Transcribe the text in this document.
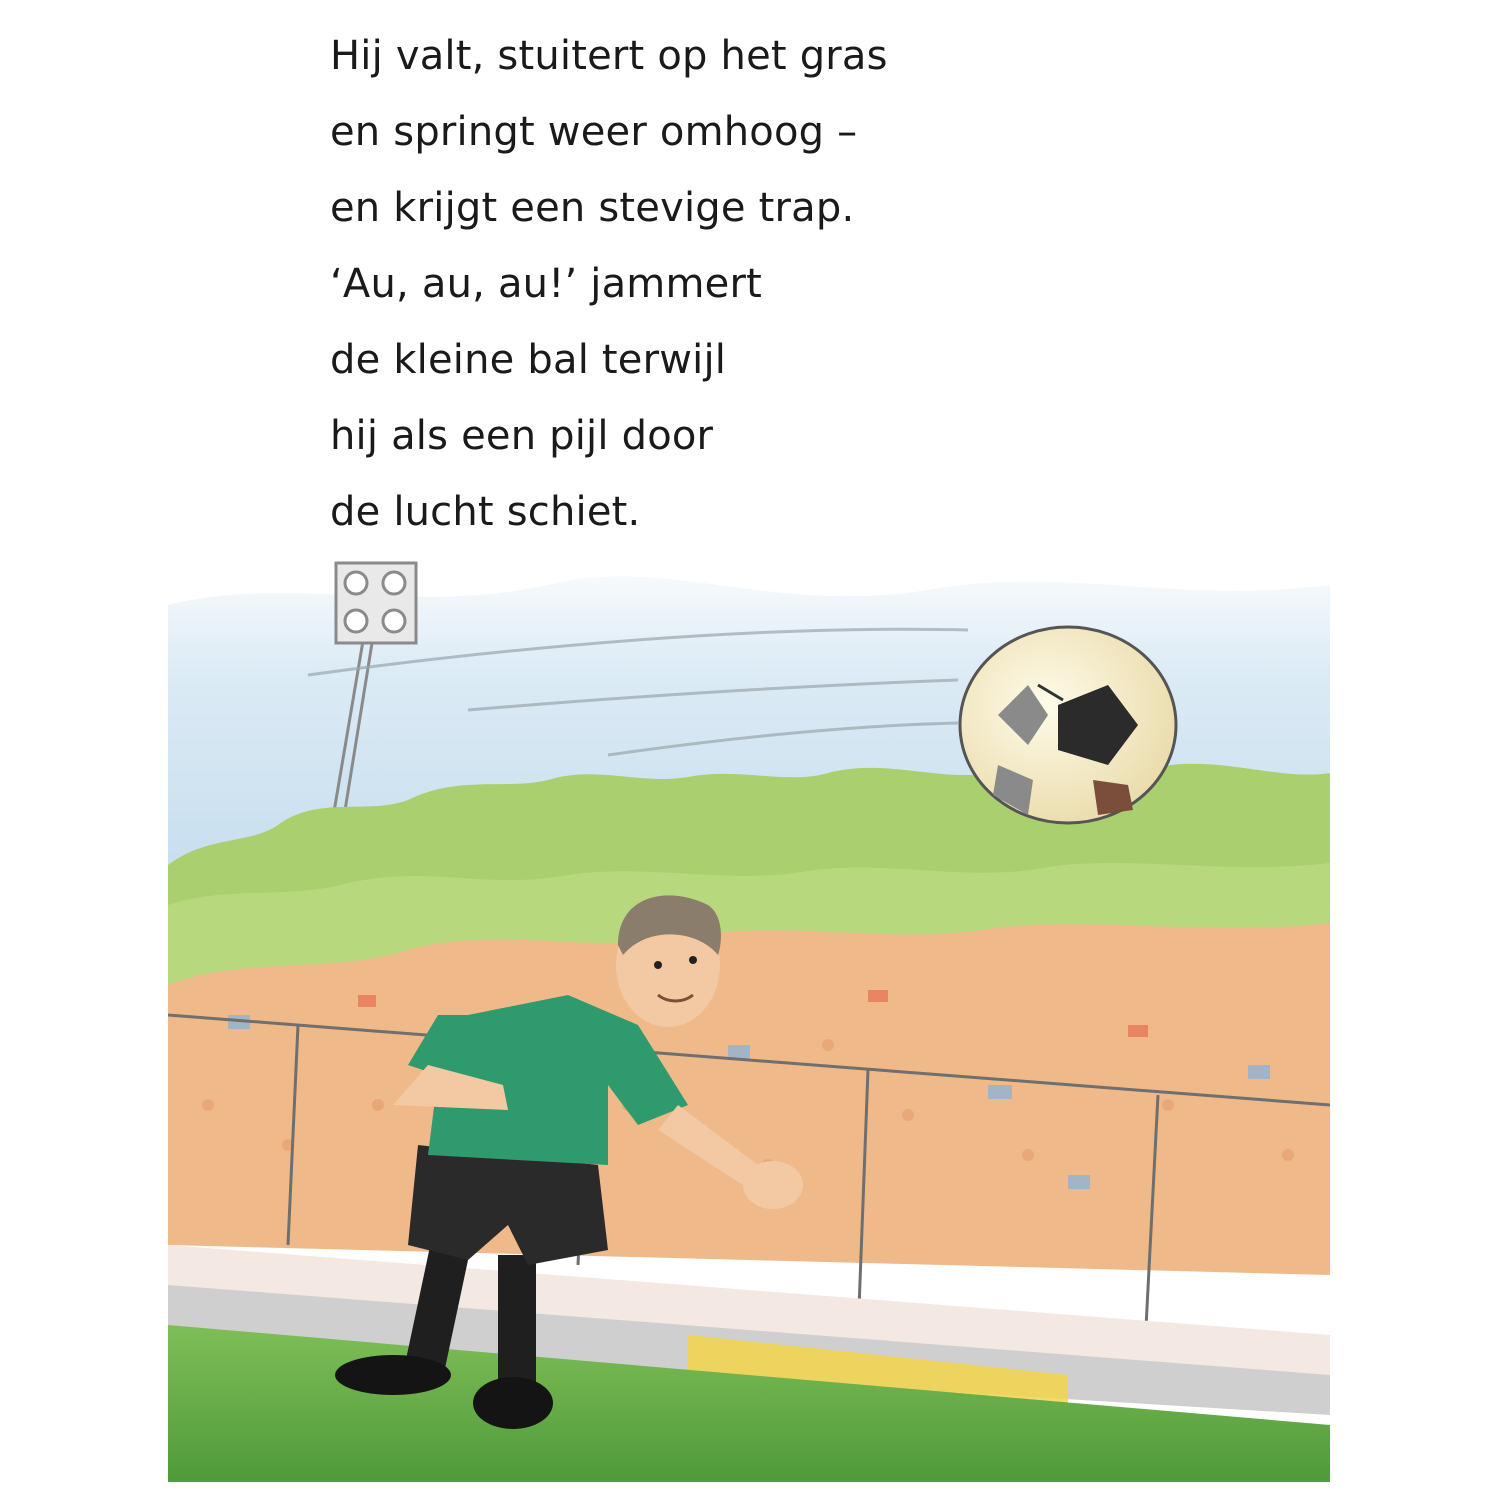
Hij valt, stuitert op het gras
en springt weer omhoog –
en krijgt een stevige trap.
‘Au, au, au!’ jammert
de kleine bal terwijl
hij als een pijl door
de lucht schiet.
